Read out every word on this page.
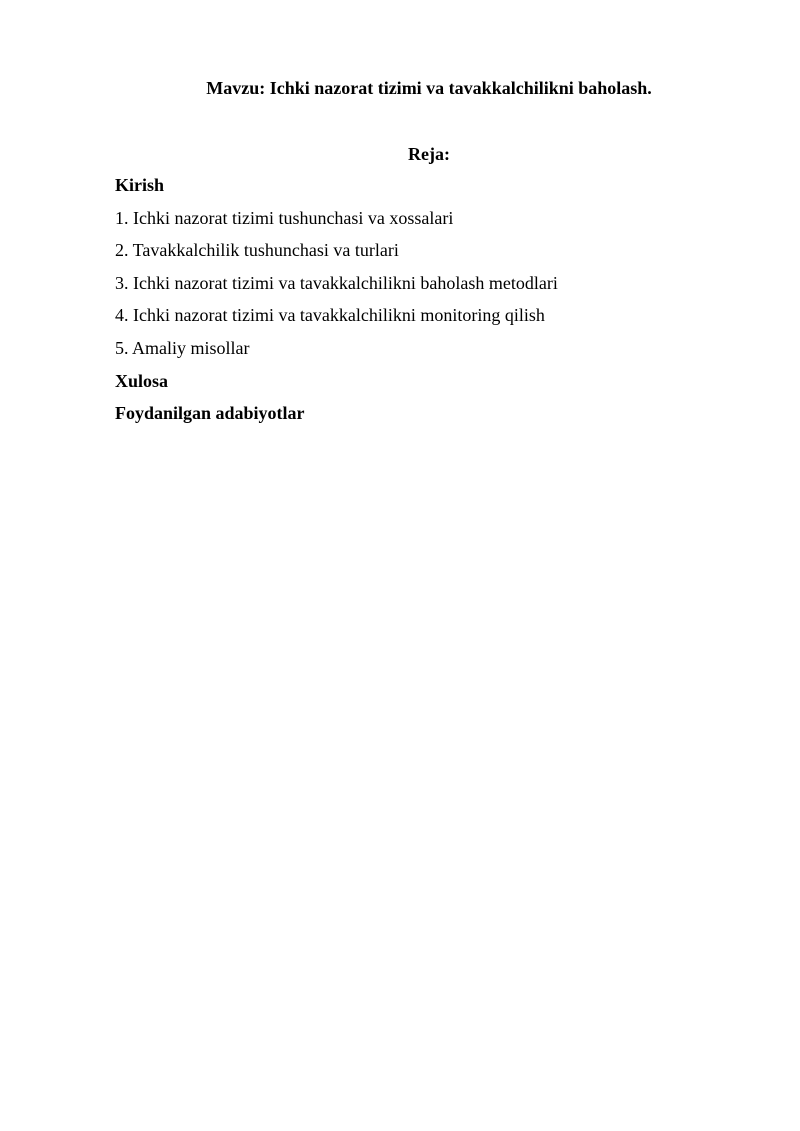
Mavzu: Ichki nazorat tizimi va tavakkalchilikni baholash.
Reja:
Kirish
1. Ichki nazorat tizimi tushunchasi va xossalari
2. Tavakkalchilik tushunchasi va turlari
3. Ichki nazorat tizimi va tavakkalchilikni baholash metodlari
4. Ichki nazorat tizimi va tavakkalchilikni monitoring qilish
5. Amaliy misollar
Xulosa
Foydanilgan adabiyotlar
